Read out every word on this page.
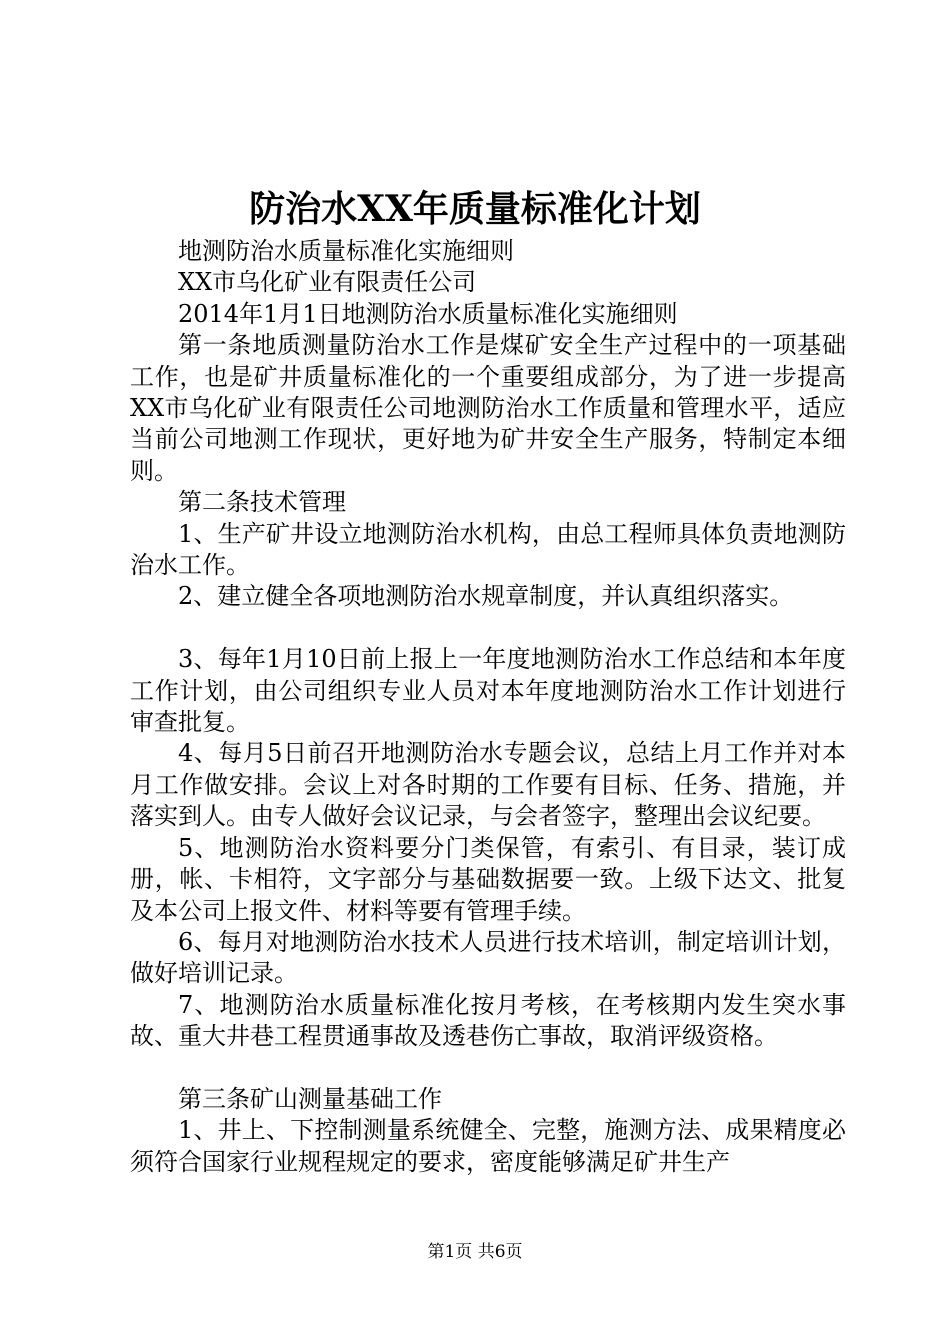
防治水XX年质量标准化计划

地测防治水质量标准化实施细则

XX市乌化矿业有限责任公司

2014年1月1日地测防治水质量标准化实施细则

第一条地质测量防治水工作是煤矿安全生产过程中的一项基础工作，也是矿井质量标准化的一个重要组成部分，为了进一步提高XX市乌化矿业有限责任公司地测防治水工作质量和管理水平，适应当前公司地测工作现状，更好地为矿井安全生产服务，特制定本细则。

第二条技术管理

1、生产矿井设立地测防治水机构，由总工程师具体负责地测防治水工作。

2、建立健全各项地测防治水规章制度，并认真组织落实。

3、每年1月10日前上报上一年度地测防治水工作总结和本年度工作计划，由公司组织专业人员对本年度地测防治水工作计划进行审查批复。

4、每月5日前召开地测防治水专题会议，总结上月工作并对本月工作做安排。会议上对各时期的工作要有目标、任务、措施，并落实到人。由专人做好会议记录，与会者签字，整理出会议纪要。

5、地测防治水资料要分门类保管，有索引、有目录，装订成册，帐、卡相符，文字部分与基础数据要一致。上级下达文、批复及本公司上报文件、材料等要有管理手续。

6、每月对地测防治水技术人员进行技术培训，制定培训计划，做好培训记录。

7、地测防治水质量标准化按月考核，在考核期内发生突水事故、重大井巷工程贯通事故及透巷伤亡事故，取消评级资格。

第三条矿山测量基础工作

1、井上、下控制测量系统健全、完整，施测方法、成果精度必须符合国家行业规程规定的要求，密度能够满足矿井生产

第1页 共6页
